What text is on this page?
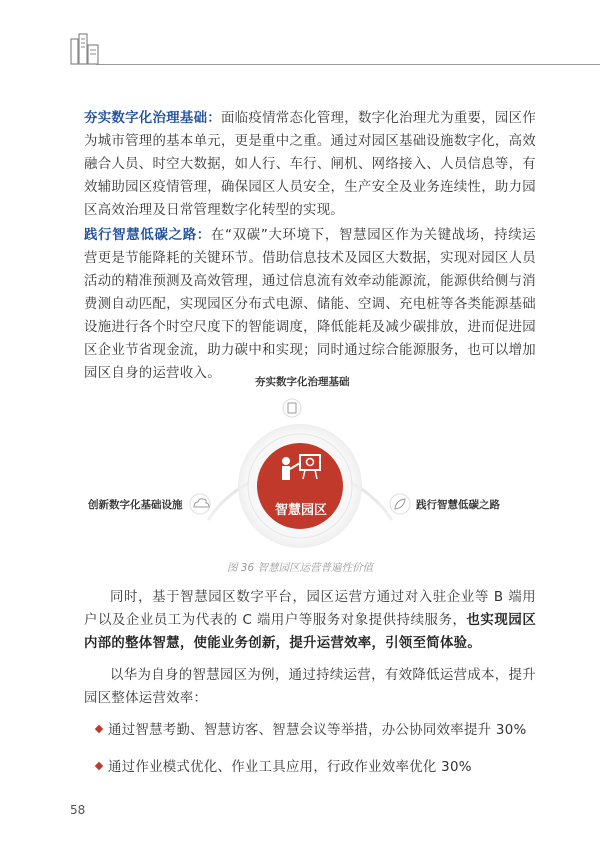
夯实数字化治理基础：面临疫情常态化管理，数字化治理尤为重要，园区作为城市管理的基本单元，更是重中之重。通过对园区基础设施数字化，高效融合人员、时空大数据，如人行、车行、闸机、网络接入、人员信息等，有效辅助园区疫情管理，确保园区人员安全，生产安全及业务连续性，助力园区高效治理及日常管理数字化转型的实现。
践行智慧低碳之路：在“双碳”大环境下，智慧园区作为关键战场，持续运营更是节能降耗的关键环节。借助信息技术及园区大数据，实现对园区人员活动的精准预测及高效管理，通过信息流有效牵动能源流，能源供给侧与消费测自动匹配，实现园区分布式电源、储能、空调、充电桩等各类能源基础设施进行各个时空尺度下的智能调度，降低能耗及减少碳排放，进而促进园区企业节省现金流，助力碳中和实现；同时通过综合能源服务，也可以增加园区自身的运营收入。
夯实数字化治理基础
创新数字化基础设施	践行智慧低碳之路
智慧园区
图 36 智慧园区运营普遍性价值
同时，基于智慧园区数字平台，园区运营方通过对入驻企业等 B 端用户以及企业员工为代表的 C 端用户等服务对象提供持续服务，也实现园区内部的整体智慧，使能业务创新，提升运营效率，引领至简体验。
以华为自身的智慧园区为例，通过持续运营，有效降低运营成本，提升园区整体运营效率：
通过智慧考勤、智慧访客、智慧会议等举措，办公协同效率提升 30%
通过作业模式优化、作业工具应用，行政作业效率优化 30%
58
